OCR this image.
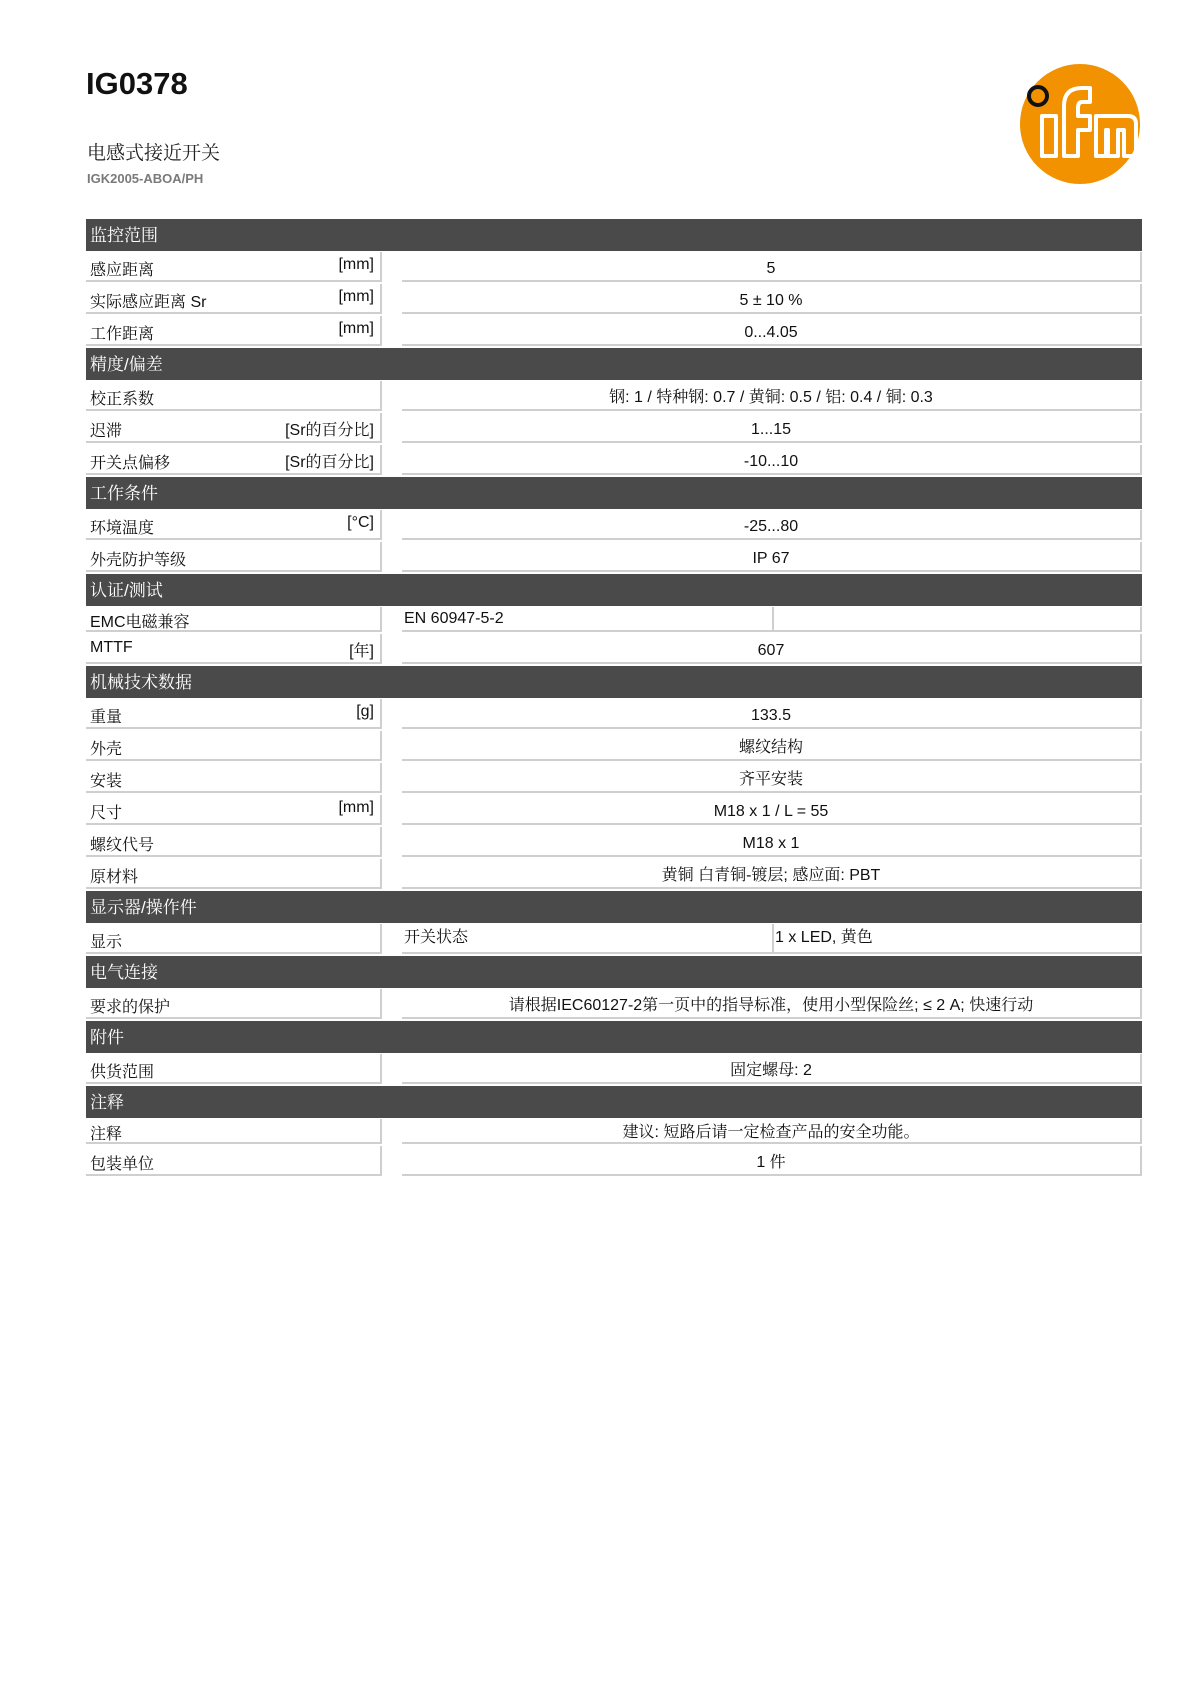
IG0378
电感式接近开关
IGK2005-ABOA/PH
监控范围
感应距离	[mm]	5
实际感应距离 Sr	[mm]	5 ± 10 %
工作距离	[mm]	0...4.05
精度/偏差
校正系数	钢: 1 / 特种钢: 0.7 / 黄铜: 0.5 / 铝: 0.4 / 铜: 0.3
迟滞	[Sr的百分比]	1...15
开关点偏移	[Sr的百分比]	-10...10
工作条件
环境温度	[°C]	-25...80
外壳防护等级	IP 67
认证/测试
EMC电磁兼容	EN 60947-5-2
MTTF	[年]	607
机械技术数据
重量	[g]	133.5
外壳	螺纹结构
安装	齐平安装
尺寸	[mm]	M18 x 1 / L = 55
螺纹代号	M18 x 1
原材料	黄铜 白青铜-镀层; 感应面: PBT
显示器/操作件
显示	开关状态	1 x LED, 黄色
电气连接
要求的保护	请根据IEC60127-2第一页中的指导标准，使用小型保险丝; ≤ 2 A; 快速行动
附件
供货范围	固定螺母: 2
注释
注释	建议: 短路后请一定检查产品的安全功能。
包装单位	1 件
